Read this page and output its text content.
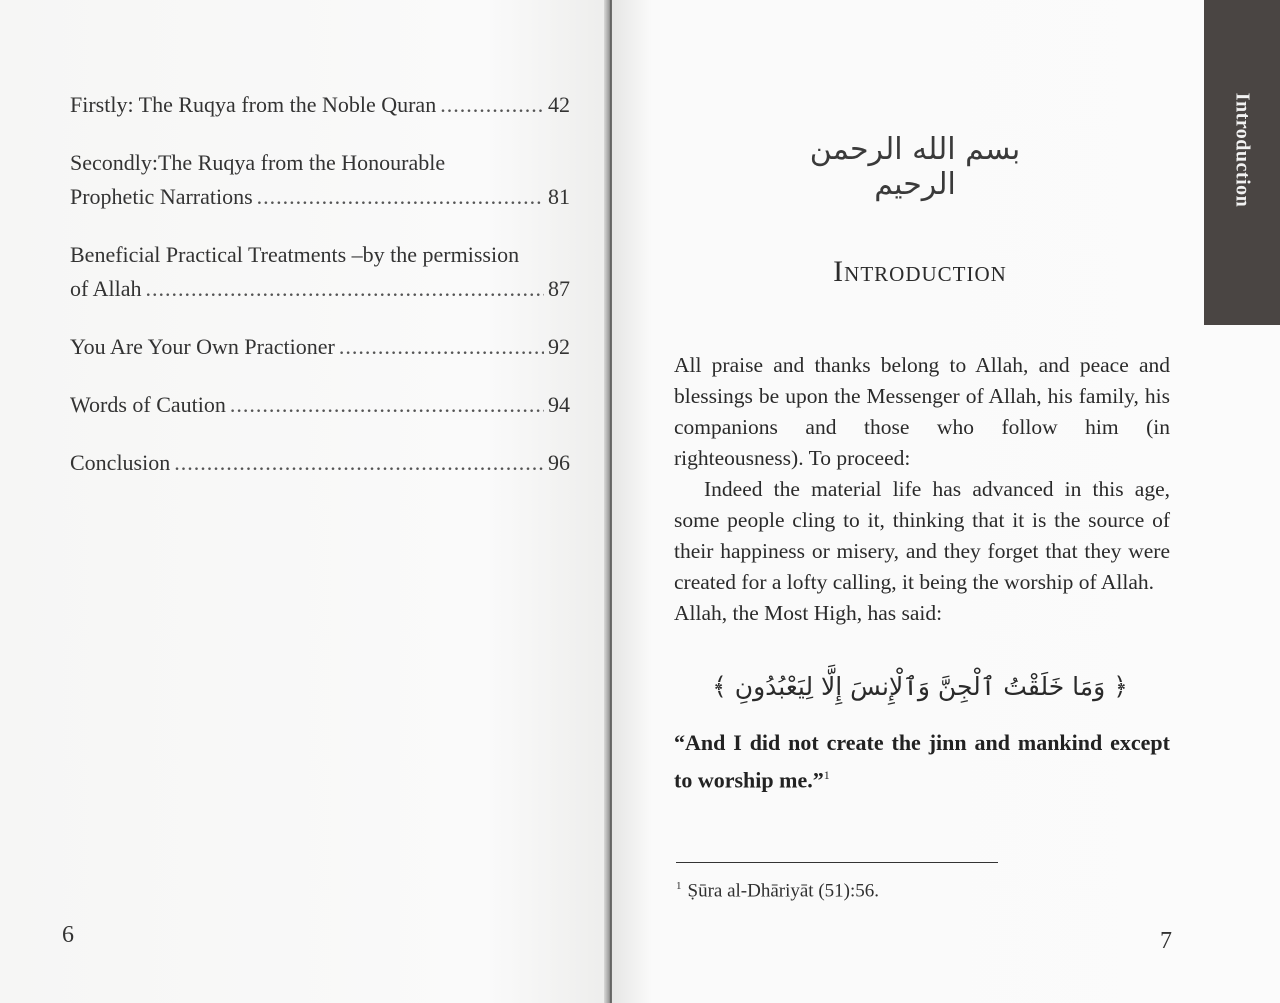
Firstly: The Ruqya from the Noble Quran .....	42
Secondly:The Ruqya from the Honourable
Prophetic Narrations .....	81
Beneficial Practical Treatments –by the permission
of Allah .....	87
You Are Your Own Practioner .....	92
Words of Caution .....	94
Conclusion .....	96
6
بسم الله الرحمن الرحيم
Introduction

All praise and thanks belong to Allah, and peace and blessings be upon the Messenger of Allah, his family, his companions and those who follow him (in righteousness). To proceed:

Indeed the material life has advanced in this age, some people cling to it, thinking that it is the source of their happiness or misery, and they forget that they were created for a lofty calling, it being the worship of Allah.

Allah, the Most High, has said:

﴿ وَمَا خَلَقْتُ ٱلْجِنَّ وَٱلْإِنسَ إِلَّا لِيَعْبُدُونِ ﴾
“And I did not create the jinn and mankind except to worship me.”$^1$
$^1$ Ṣūra al-Dhāriyāt (51):56.
7
Introduction
